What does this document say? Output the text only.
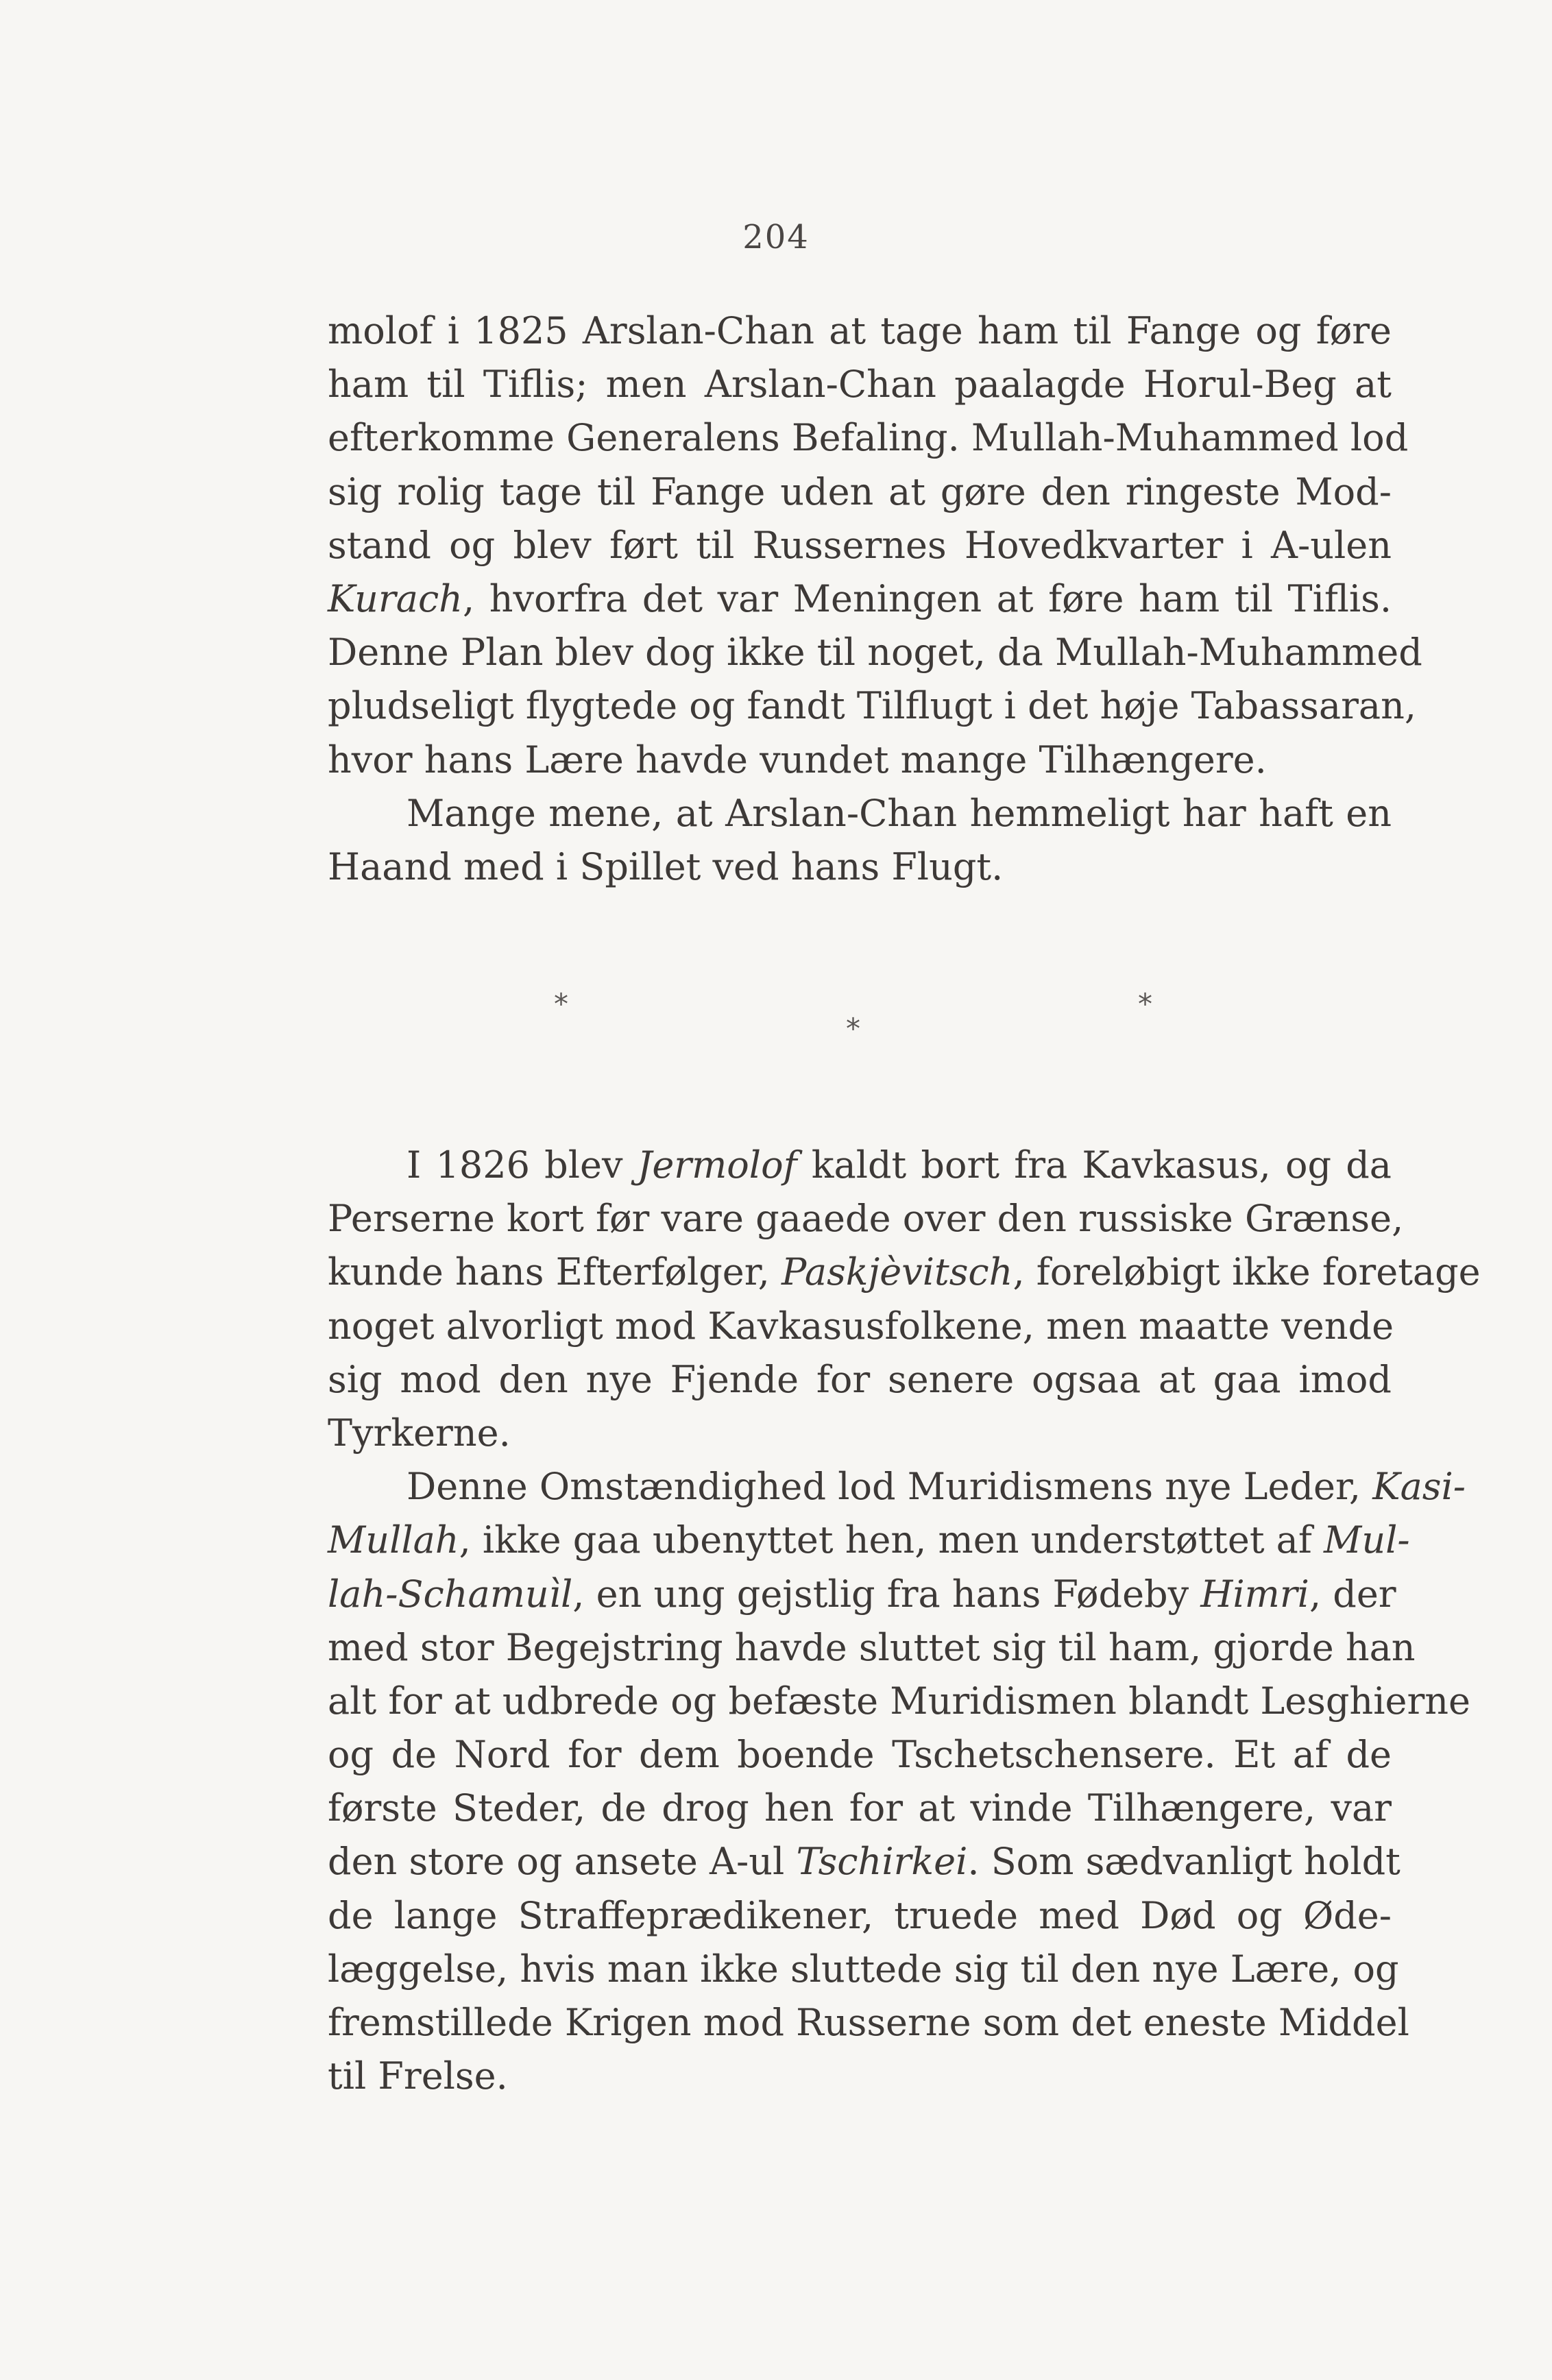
204
molof i 1825 Arslan-Chan at tage ham til Fange og føre
ham til Tiflis; men Arslan-Chan paalagde Horul-Beg at
efterkomme Generalens Befaling. Mullah-Muhammed lod
sig rolig tage til Fange uden at gøre den ringeste Mod-
stand og blev ført til Russernes Hovedkvarter i A-ulen
Kurach, hvorfra det var Meningen at føre ham til Tiflis.
Denne Plan blev dog ikke til noget, da Mullah-Muhammed
pludseligt flygtede og fandt Tilflugt i det høje Tabassaran,
hvor hans Lære havde vundet mange Tilhængere.
Mange mene, at Arslan-Chan hemmeligt har haft en
Haand med i Spillet ved hans Flugt.
*
*
*
I 1826 blev Jermolof kaldt bort fra Kavkasus, og da
Perserne kort før vare gaaede over den russiske Grænse,
kunde hans Efterfølger, Paskjèvitsch, foreløbigt ikke foretage
noget alvorligt mod Kavkasusfolkene, men maatte vende
sig mod den nye Fjende for senere ogsaa at gaa imod
Tyrkerne.
Denne Omstændighed lod Muridismens nye Leder, Kasi-
Mullah, ikke gaa ubenyttet hen, men understøttet af Mul-
lah-Schamuìl, en ung gejstlig fra hans Fødeby Himri, der
med stor Begejstring havde sluttet sig til ham, gjorde han
alt for at udbrede og befæste Muridismen blandt Lesghierne
og de Nord for dem boende Tschetschensere. Et af de
første Steder, de drog hen for at vinde Tilhængere, var
den store og ansete A-ul Tschirkei. Som sædvanligt holdt
de lange Straffeprædikener, truede med Død og Øde-
læggelse, hvis man ikke sluttede sig til den nye Lære, og
fremstillede Krigen mod Russerne som det eneste Middel
til Frelse.
